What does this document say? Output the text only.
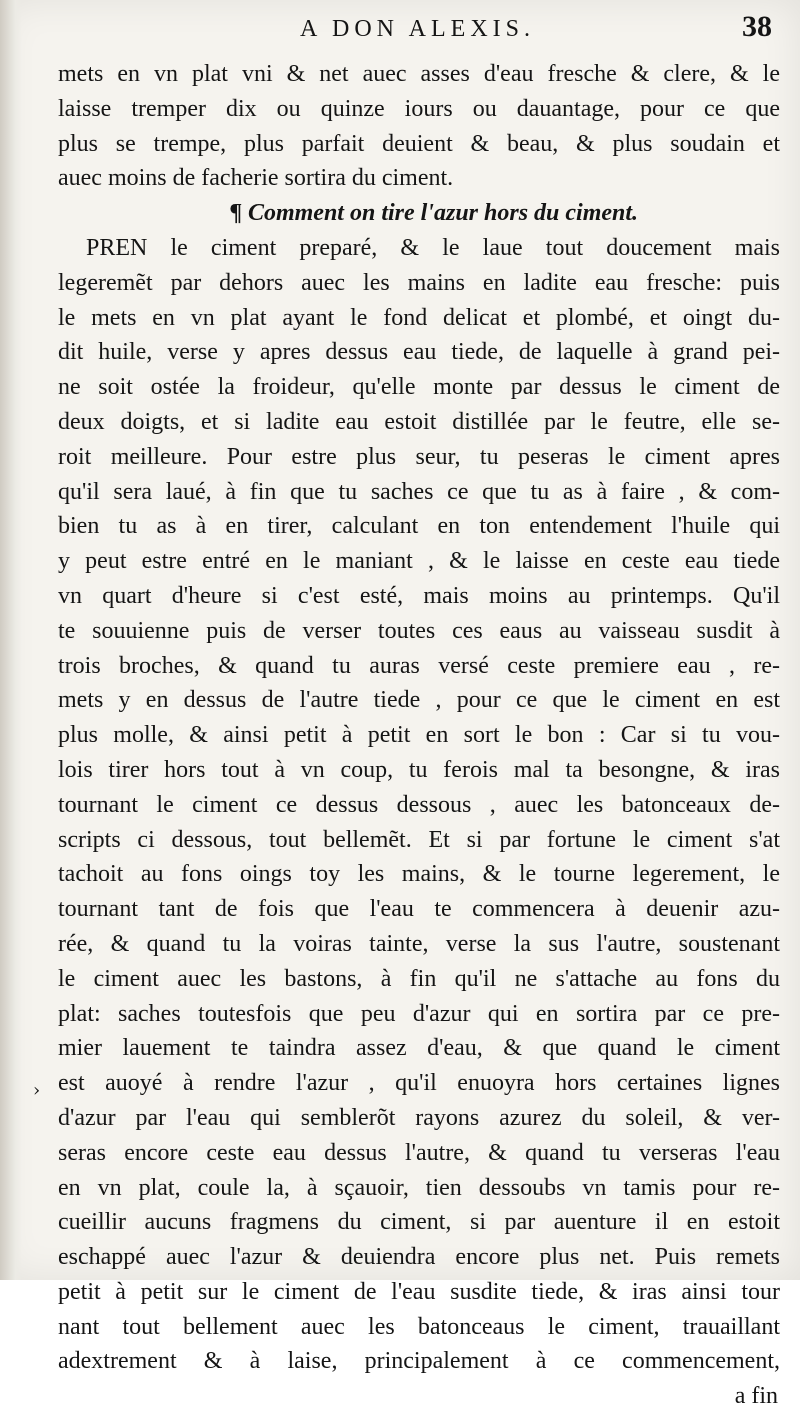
A DON ALEXIS.	38
›
mets en vn plat vni & net auec asses d'eau fresche & clere, & le
laisse tremper dix ou quinze iours ou dauantage, pour ce que
plus se trempe, plus parfait deuient & beau, & plus soudain et
auec moins de facherie sortira du ciment.
¶ Comment on tire l'azur hors du ciment.
PREN le ciment preparé, & le laue tout doucement mais
legeremẽt par dehors auec les mains en ladite eau fresche: puis
le mets en vn plat ayant le fond delicat et plombé, et oingt du-
dit huile, verse y apres dessus eau tiede, de laquelle à grand pei-
ne soit ostée la froideur, qu'elle monte par dessus le ciment de
deux doigts, et si ladite eau estoit distillée par le feutre, elle se-
roit meilleure. Pour estre plus seur, tu peseras le ciment apres
qu'il sera laué, à fin que tu saches ce que tu as à faire , & com-
bien tu as à en tirer, calculant en ton entendement l'huile qui
y peut estre entré en le maniant , & le laisse en ceste eau tiede
vn quart d'heure si c'est esté, mais moins au printemps. Qu'il
te souuienne puis de verser toutes ces eaus au vaisseau susdit à
trois broches, & quand tu auras versé ceste premiere eau , re-
mets y en dessus de l'autre tiede , pour ce que le ciment en est
plus molle, & ainsi petit à petit en sort le bon : Car si tu vou-
lois tirer hors tout à vn coup, tu ferois mal ta besongne, & iras
tournant le ciment ce dessus dessous , auec les batonceaux de-
scripts ci dessous, tout bellemẽt. Et si par fortune le ciment s'at
tachoit au fons oings toy les mains, & le tourne legerement, le
tournant tant de fois que l'eau te commencera à deuenir azu-
rée, & quand tu la voiras tainte, verse la sus l'autre, soustenant
le ciment auec les bastons, à fin qu'il ne s'attache au fons du
plat: saches toutesfois que peu d'azur qui en sortira par ce pre-
mier lauement te taindra assez d'eau, & que quand le ciment
est auoyé à rendre l'azur , qu'il enuoyra hors certaines lignes
d'azur par l'eau qui semblerõt rayons azurez du soleil, & ver-
seras encore ceste eau dessus l'autre, & quand tu verseras l'eau
en vn plat, coule la, à sçauoir, tien dessoubs vn tamis pour re-
cueillir aucuns fragmens du ciment, si par auenture il en estoit
eschappé auec l'azur & deuiendra encore plus net. Puis remets
petit à petit sur le ciment de l'eau susdite tiede, & iras ainsi tour
nant tout bellement auec les batonceaus le ciment, trauaillant
adextrement & à laise, principalement à ce commencement,
a fin
